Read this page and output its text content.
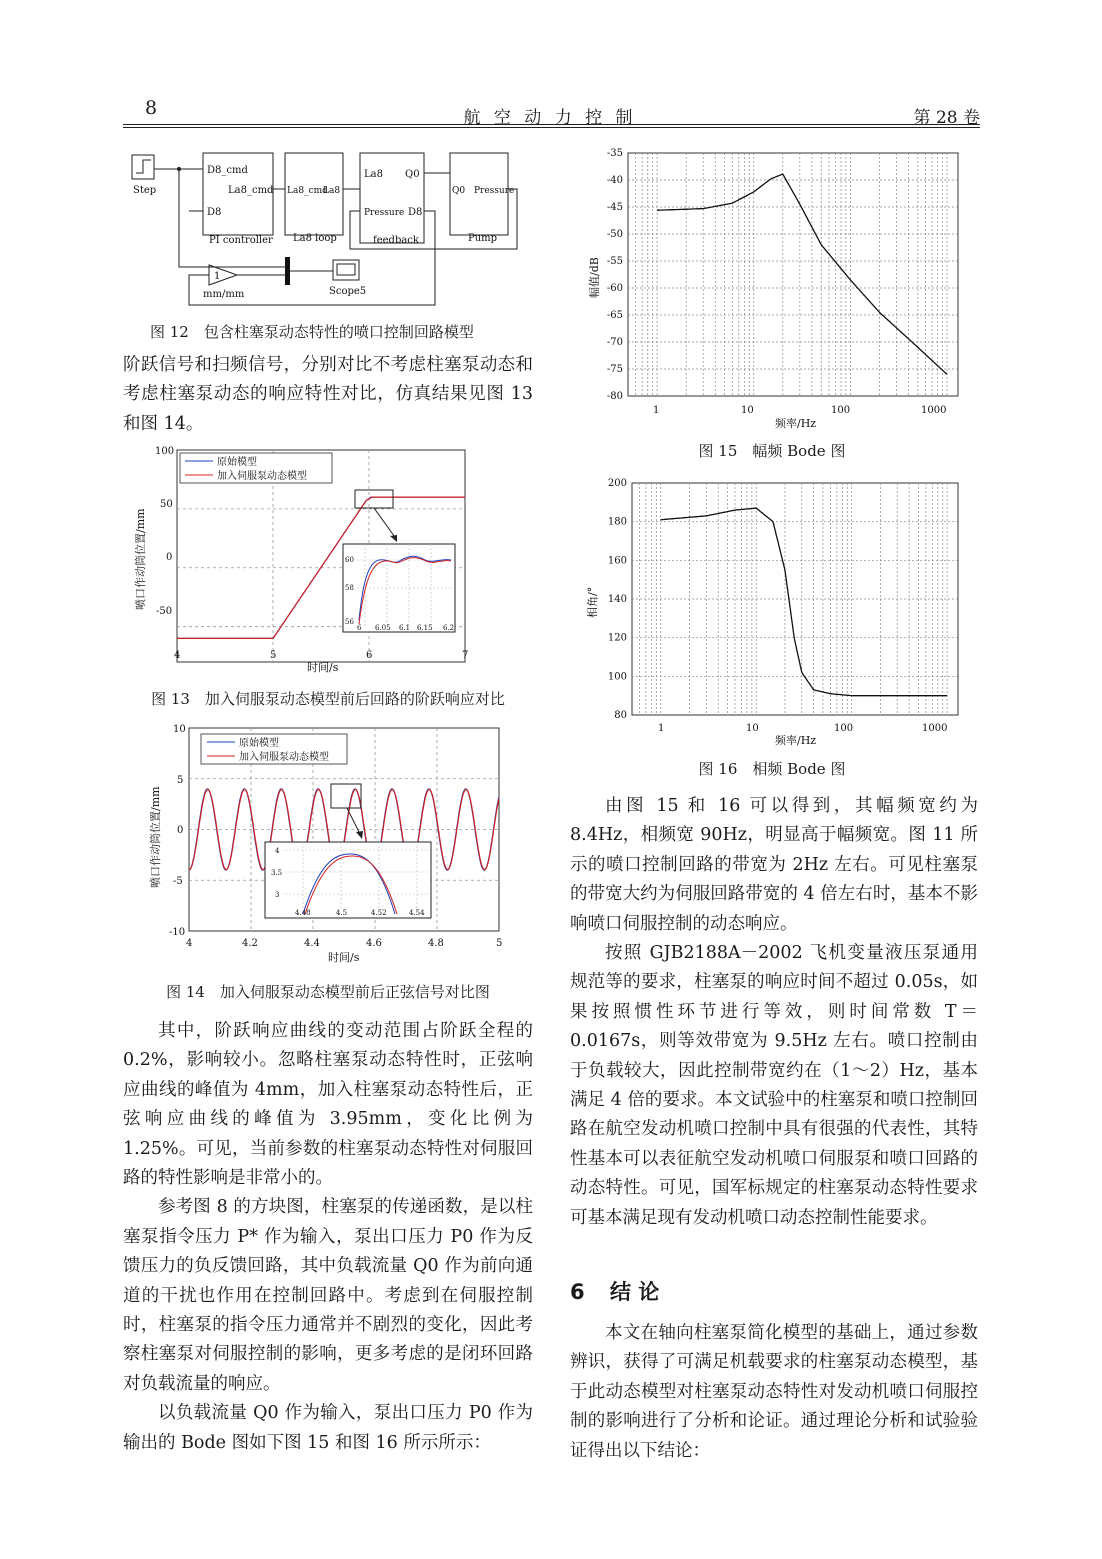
8	航 空 动 力 控 制	第 28 卷
Step
D8_cmd
La8_cmd
D8
PI controller
La8_cmd
La8
La8 loop
La8 Q0
Pressure D8
feedback
Q0 Pressure
Pump
1
mm/mm	Scope5
图 12　包含柱塞泵动态特性的喷口控制回路模型
阶跃信号和扫频信号，分别对比不考虑柱塞泵动态和考虑柱塞泵动态的响应特性对比，仿真结果见图 13 和图 14。
100
50
0
-50
4	5	6	7
时间/s
喷口作动筒位置/mm
原始模型
加入伺服泵动态模型
60
58
56
6 6.05 6.1 6.15 6.2
图 13　加入伺服泵动态模型前后回路的阶跃响应对比
10
5
0
-5
-10
4	4.2	4.4	4.6	4.8	5
时间/s
喷口作动筒位置/mm
原始模型
加入伺服泵动态模型
4
3.5
3
4.48	4.5	4.52	4.54
图 14　加入伺服泵动态模型前后正弦信号对比图

其中，阶跃响应曲线的变动范围占阶跃全程的 0.2%，影响较小。忽略柱塞泵动态特性时，正弦响应曲线的峰值为 4mm，加入柱塞泵动态特性后，正弦响应曲线的峰值为 3.95mm，变化比例为 1.25%。可见，当前参数的柱塞泵动态特性对伺服回路的特性影响是非常小的。

参考图 8 的方块图，柱塞泵的传递函数，是以柱塞泵指令压力 P* 作为输入，泵出口压力 P0 作为反馈压力的负反馈回路，其中负载流量 Q0 作为前向通道的干扰也作用在控制回路中。考虑到在伺服控制时，柱塞泵的指令压力通常并不剧烈的变化，因此考察柱塞泵对伺服控制的影响，更多考虑的是闭环回路对负载流量的响应。

以负载流量 Q0 作为输入，泵出口压力 P0 作为输出的 Bode 图如下图 15 和图 16 所示所示：

-35
-40
-45
-50
-55
-60
-65
-70
-75
-80
1	10	100	1000
频率/Hz
幅值/dB
图 15　幅频 Bode 图
200
180
160
140
120
100
80
1	10	100	1000
频率/Hz
相角/°
图 16　相频 Bode 图

由图 15 和 16 可以得到，其幅频宽约为 8.4Hz，相频宽 90Hz，明显高于幅频宽。图 11 所示的喷口控制回路的带宽为 2Hz 左右。可见柱塞泵的带宽大约为伺服回路带宽的 4 倍左右时，基本不影响喷口伺服控制的动态响应。

按照 GJB2188A－2002 飞机变量液压泵通用规范等的要求，柱塞泵的响应时间不超过 0.05s，如果按照惯性环节进行等效，则时间常数 T＝0.0167s，则等效带宽为 9.5Hz 左右。喷口控制由于负载较大，因此控制带宽约在（1～2）Hz，基本满足 4 倍的要求。本文试验中的柱塞泵和喷口控制回路在航空发动机喷口控制中具有很强的代表性，其特性基本可以表征航空发动机喷口伺服泵和喷口回路的动态特性。可见，国军标规定的柱塞泵动态特性要求可基本满足现有发动机喷口动态控制性能要求。

6 结 论

本文在轴向柱塞泵简化模型的基础上，通过参数辨识，获得了可满足机载要求的柱塞泵动态模型，基于此动态模型对柱塞泵动态特性对发动机喷口伺服控制的影响进行了分析和论证。通过理论分析和试验验证得出以下结论：
